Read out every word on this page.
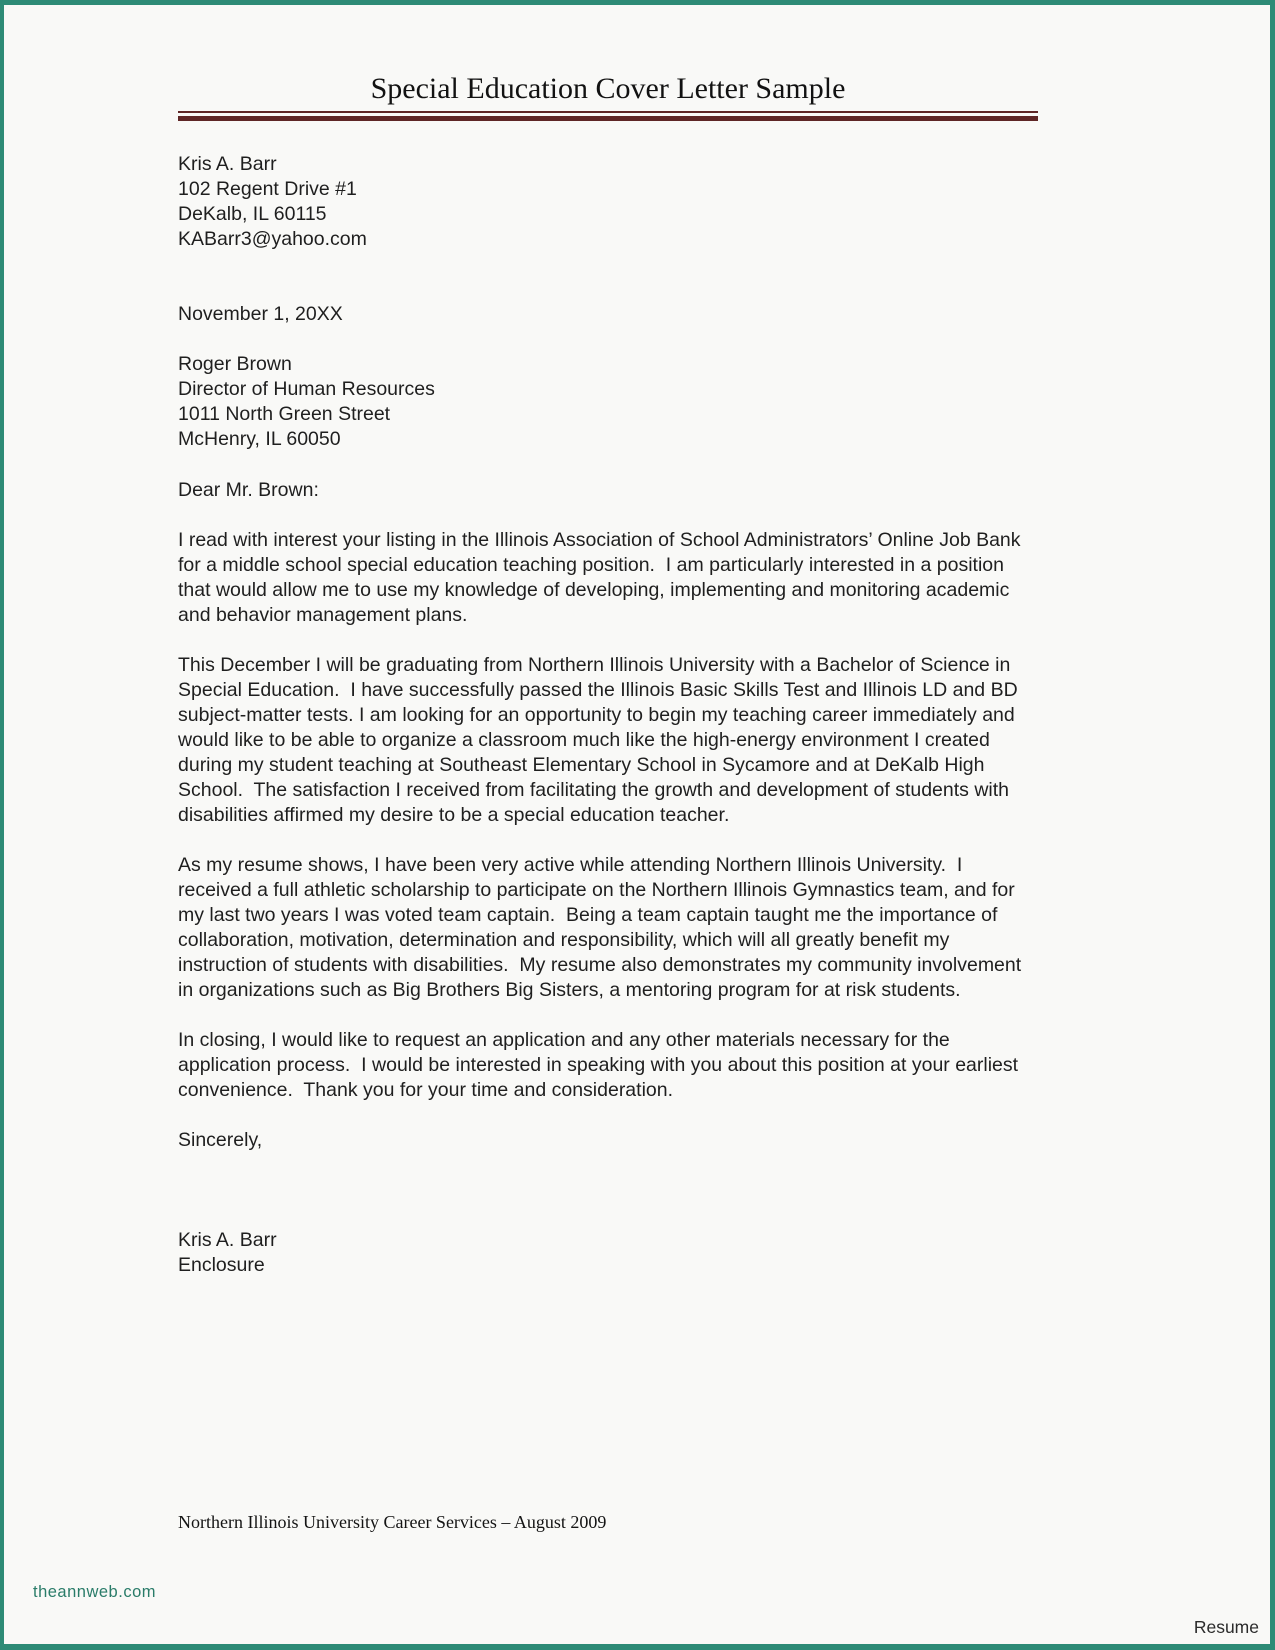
Special Education Cover Letter Sample
Kris A. Barr
102 Regent Drive #1
DeKalb, IL 60115
KABarr3@yahoo.com
November 1, 20XX
Roger Brown
Director of Human Resources
1011 North Green Street
McHenry, IL 60050
Dear Mr. Brown:

I read with interest your listing in the Illinois Association of School Administrators’ Online Job Bank for a middle school special education teaching position.  I am particularly interested in a position that would allow me to use my knowledge of developing, implementing and monitoring academic and behavior management plans.

This December I will be graduating from Northern Illinois University with a Bachelor of Science in Special Education.  I have successfully passed the Illinois Basic Skills Test and Illinois LD and BD subject-matter tests. I am looking for an opportunity to begin my teaching career immediately and would like to be able to organize a classroom much like the high-energy environment I created during my student teaching at Southeast Elementary School in Sycamore and at DeKalb High School.  The satisfaction I received from facilitating the growth and development of students with disabilities affirmed my desire to be a special education teacher.

As my resume shows, I have been very active while attending Northern Illinois University.  I received a full athletic scholarship to participate on the Northern Illinois Gymnastics team, and for my last two years I was voted team captain.  Being a team captain taught me the importance of collaboration, motivation, determination and responsibility, which will all greatly benefit my instruction of students with disabilities.  My resume also demonstrates my community involvement in organizations such as Big Brothers Big Sisters, a mentoring program for at risk students.

In closing, I would like to request an application and any other materials necessary for the application process.  I would be interested in speaking with you about this position at your earliest convenience.  Thank you for your time and consideration.

Sincerely,
Kris A. Barr
Enclosure
Northern Illinois University Career Services – August 2009
theannweb.com
Resume
